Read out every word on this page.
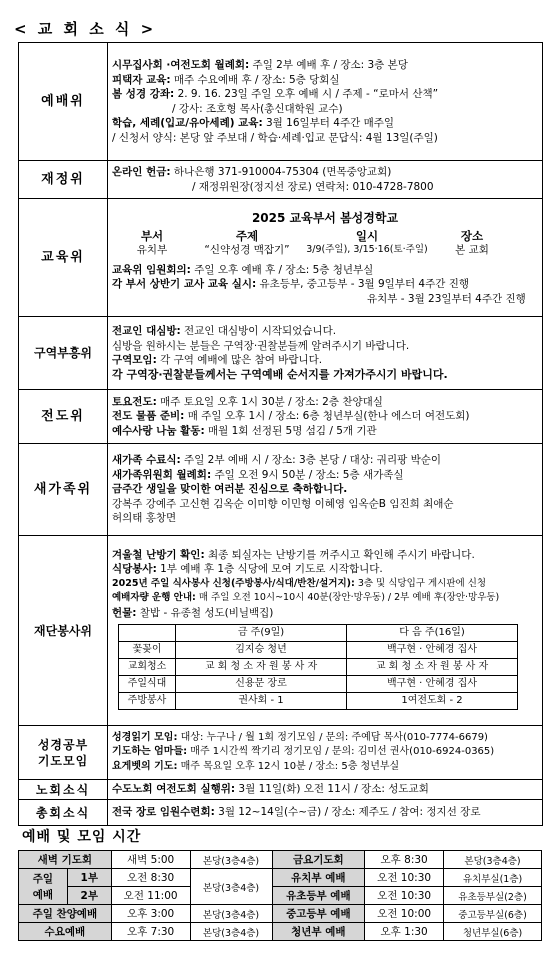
< 교 회 소 식 >
예배위	
시무집사회 ·여전도회 월례회: 주일 2부 예배 후 / 장소: 3층 본당
피택자 교육: 매주 수요예배 후 / 장소: 5층 당회실
봄 성경 강좌: 2. 9. 16. 23일 주일 오후 예배 시 / 주제 - “로마서 산책”
/ 강사: 조호형 목사(총신대학원 교수)
학습, 세례(입교/유아세례) 교육: 3월 16일부터 4주간 매주일
/ 신청서 양식: 본당 앞 주보대 / 학습·세례·입교 문답식: 4월 13일(주일)

재정위	온라인 헌금: 하나은행 371-910004-75304 (면목중앙교회)
/ 재정위원장(정지선 장로) 연락처: 010-4728-7800

교육위	
2025 교육부서 봄성경학교
부서	주제	일시	장소
유치부	“신약성경 맥잡기”	3/9(주일), 3/15·16(토·주일)	본 교회
교육위 임원회의: 주일 오후 예배 후 / 장소: 5층 청년부실
각 부서 상반기 교사 교육 실시: 유초등부, 중고등부 - 3월 9일부터 4주간 진행
유치부 - 3월 23일부터 4주간 진행

구역부흥위	
전교인 대심방: 전교인 대심방이 시작되었습니다.
심방을 원하시는 분들은 구역장·권찰분들께 알려주시기 바랍니다.
구역모임: 각 구역 예배에 많은 참여 바랍니다.
각 구역장·권찰분들께서는 구역예배 순서지를 가져가주시기 바랍니다.

전도위	
토요전도: 매주 토요일 오후 1시 30분 / 장소: 2층 찬양대실
전도 물품 준비: 매 주일 오후 1시 / 장소: 6층 청년부실(한나 에스더 여전도회)
예수사랑 나눔 활동: 매월 1회 선정된 5명 섬김 / 5개 기관

새가족위	
새가족 수료식: 주일 2부 예배 시 / 장소: 3층 본당 / 대상: 궈리팡 박순이
새가족위원회 월례회: 주일 오전 9시 50분 / 장소: 5층 새가족실
금주간 생일을 맞이한 여러분 진심으로 축하합니다.
강복주 강예주 고신현 김옥순 이미향 이민형 이혜영 임옥순B 임진희 최애순
허의태 홍창면

재단봉사위	
겨울철 난방기 확인: 최종 퇴실자는 난방기를 꺼주시고 확인해 주시기 바랍니다.
식당봉사: 1부 예배 후 1층 식당에 모여 기도로 시작합니다.
2025년 주일 식사봉사 신청(주방봉사/식대/반찬/설거지): 3층 및 식당입구 게시판에 신청
예배자량 운행 안내: 매 주일 오전 10시~10시 40분(장안·망우동) / 2부 예배 후(장안·망우동)
헌물: 찰밥 - 유종철 성도(비닐백집)
	금 주(9일)	다 음 주(16일)
꽃꽂이	김지승 청년	백구현 · 안혜경 집사
교회청소	교 회 청 소 자 원 봉 사 자	교 회 청 소 자 원 봉 사 자
주일식대	신용문 장로	백구현 · 안혜경 집사
주방봉사	권사회 - 1	1여전도회 - 2

성경공부
기도모임	
성경읽기 모임: 대상: 누구나 / 월 1회 정기모임 / 문의: 주예담 목사(010-7774-6679)
기도하는 엄마들: 매주 1시간씩 짝기리 정기모임 / 문의: 김미선 권사(010-6924-0365)
요게벳의 기도: 매주 목요일 오후 12시 10분 / 장소: 5층 청년부실

노회소식	수도노회 여전도회 실행위: 3월 11일(화) 오전 11시 / 장소: 성도교회

총회소식	전국 장로 임원수련회: 3월 12~14일(수~금) / 장소: 제주도 / 참여: 정지선 장로
예배 및 모임 시간
새벽 기도회		새벽 5:00	본당(3층4층)	금요기도회	오후 8:30	본당(3층4층)
주일
예배	1부	오전 8:30	본당(3층4층)	유치부 예배	오전 10:30	유치부실(1층)
	2부	오전 11:00		유초등부 예배	오전 10:30	유초등부실(2층)
주일 찬양예배		오후 3:00	본당(3층4층)	중고등부 예배	오전 10:00	중고등부실(6층)
수요예배		오후 7:30	본당(3층4층)	청년부 예배	오후 1:30	청년부실(6층)
